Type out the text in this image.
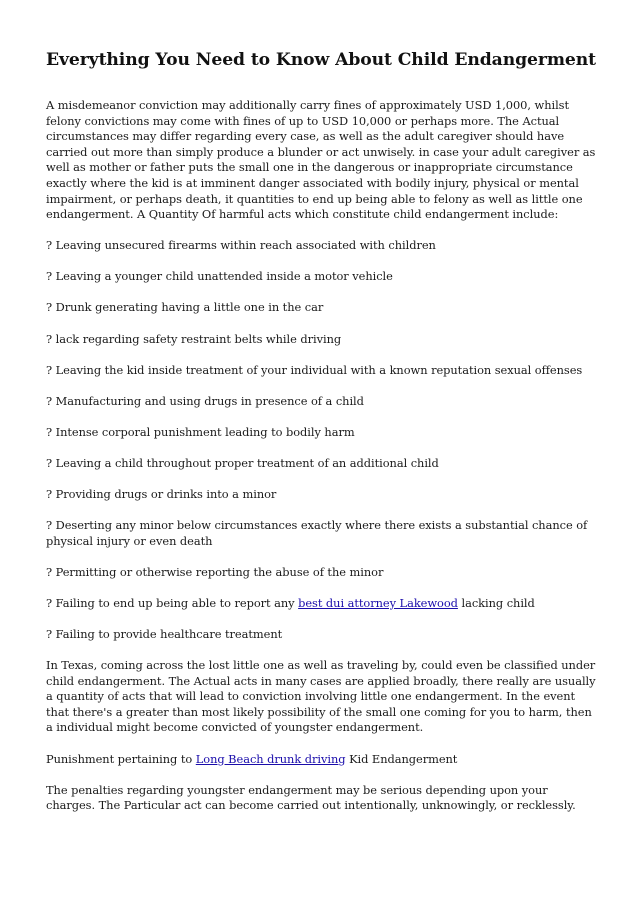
Everything You Need to Know About Child Endangerment

A misdemeanor conviction may additionally carry fines of approximately USD 1,000, whilst felony convictions may come with fines of up to USD 10,000 or perhaps more. The Actual circumstances may differ regarding every case, as well as the adult caregiver should have carried out more than simply produce a blunder or act unwisely. in case your adult caregiver as well as mother or father puts the small one in the dangerous or inappropriate circumstance exactly where the kid is at imminent danger associated with bodily injury, physical or mental impairment, or perhaps death, it quantities to end up being able to felony as well as little one endangerment. A Quantity Of harmful acts which constitute child endangerment include:

? Leaving unsecured firearms within reach associated with children

? Leaving a younger child unattended inside a motor vehicle

? Drunk generating having a little one in the car

? lack regarding safety restraint belts while driving

? Leaving the kid inside treatment of your individual with a known reputation sexual offenses

? Manufacturing and using drugs in presence of a child

? Intense corporal punishment leading to bodily harm

? Leaving a child throughout proper treatment of an additional child

? Providing drugs or drinks into a minor

? Deserting any minor below circumstances exactly where there exists a substantial chance of physical injury or even death

? Permitting or otherwise reporting the abuse of the minor

? Failing to end up being able to report any best dui attorney Lakewood lacking child

? Failing to provide healthcare treatment

In Texas, coming across the lost little one as well as traveling by, could even be classified under child endangerment. The Actual acts in many cases are applied broadly, there really are usually a quantity of acts that will lead to conviction involving little one endangerment. In the event that there's a greater than most likely possibility of the small one coming for you to harm, then a individual might become convicted of youngster endangerment.

Punishment pertaining to Long Beach drunk driving Kid Endangerment

The penalties regarding youngster endangerment may be serious depending upon your charges. The Particular act can become carried out intentionally, unknowingly, or recklessly.
